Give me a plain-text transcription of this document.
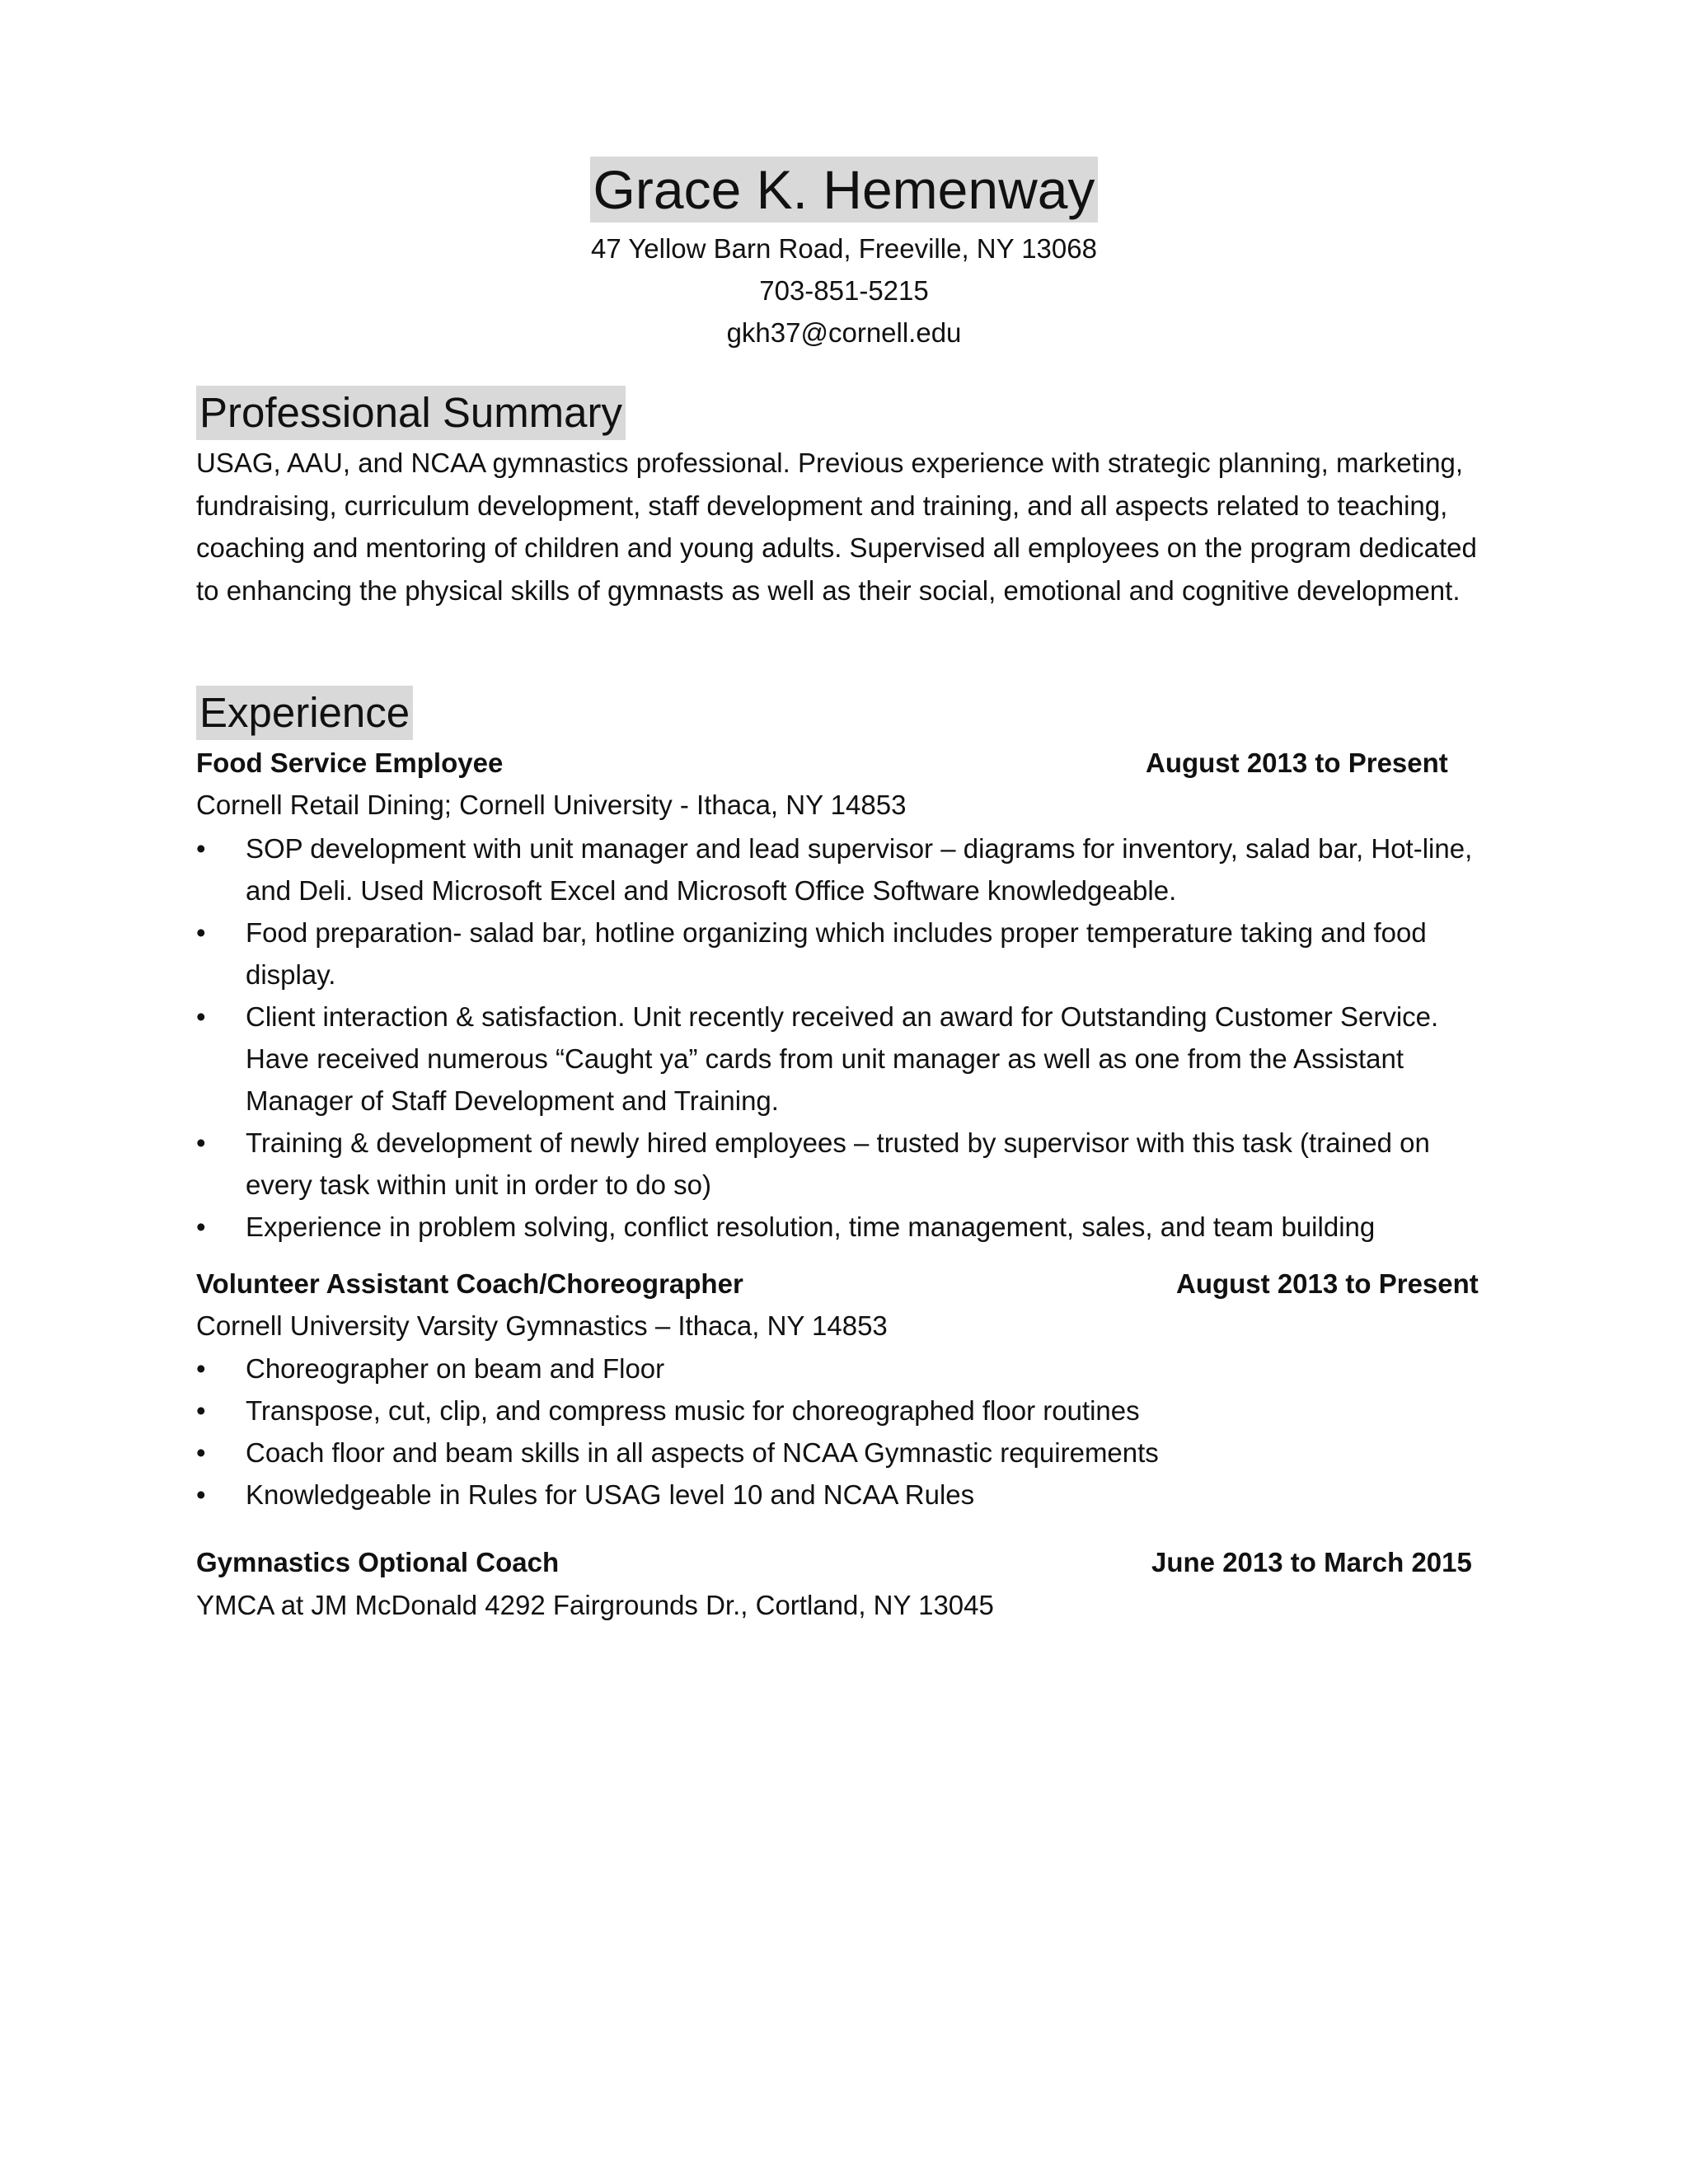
Grace K. Hemenway
47 Yellow Barn Road, Freeville, NY 13068
703-851-5215
gkh37@cornell.edu
Professional Summary
USAG, AAU, and NCAA gymnastics professional. Previous experience with strategic planning, marketing, fundraising, curriculum development, staff development and training, and all aspects related to teaching, coaching and mentoring of children and young adults. Supervised all employees on the program dedicated to enhancing the physical skills of gymnasts as well as their social, emotional and cognitive development.
Experience
Food Service Employee	August 2013 to Present
Cornell Retail Dining; Cornell University - Ithaca, NY 14853
• SOP development with unit manager and lead supervisor – diagrams for inventory, salad bar, Hot-line, and Deli. Used Microsoft Excel and Microsoft Office Software knowledgeable.
• Food preparation- salad bar, hotline organizing which includes proper temperature taking and food display.
• Client interaction & satisfaction. Unit recently received an award for Outstanding Customer Service. Have received numerous “Caught ya” cards from unit manager as well as one from the Assistant Manager of Staff Development and Training.
• Training & development of newly hired employees – trusted by supervisor with this task (trained on every task within unit in order to do so)
• Experience in problem solving, conflict resolution, time management, sales, and team building
Volunteer Assistant Coach/Choreographer	August 2013 to Present
Cornell University Varsity Gymnastics – Ithaca, NY 14853
• Choreographer on beam and Floor
• Transpose, cut, clip, and compress music for choreographed floor routines
• Coach floor and beam skills in all aspects of NCAA Gymnastic requirements
• Knowledgeable in Rules for USAG level 10 and NCAA Rules
Gymnastics Optional Coach	June 2013 to March 2015
YMCA at JM McDonald 4292 Fairgrounds Dr., Cortland, NY 13045
